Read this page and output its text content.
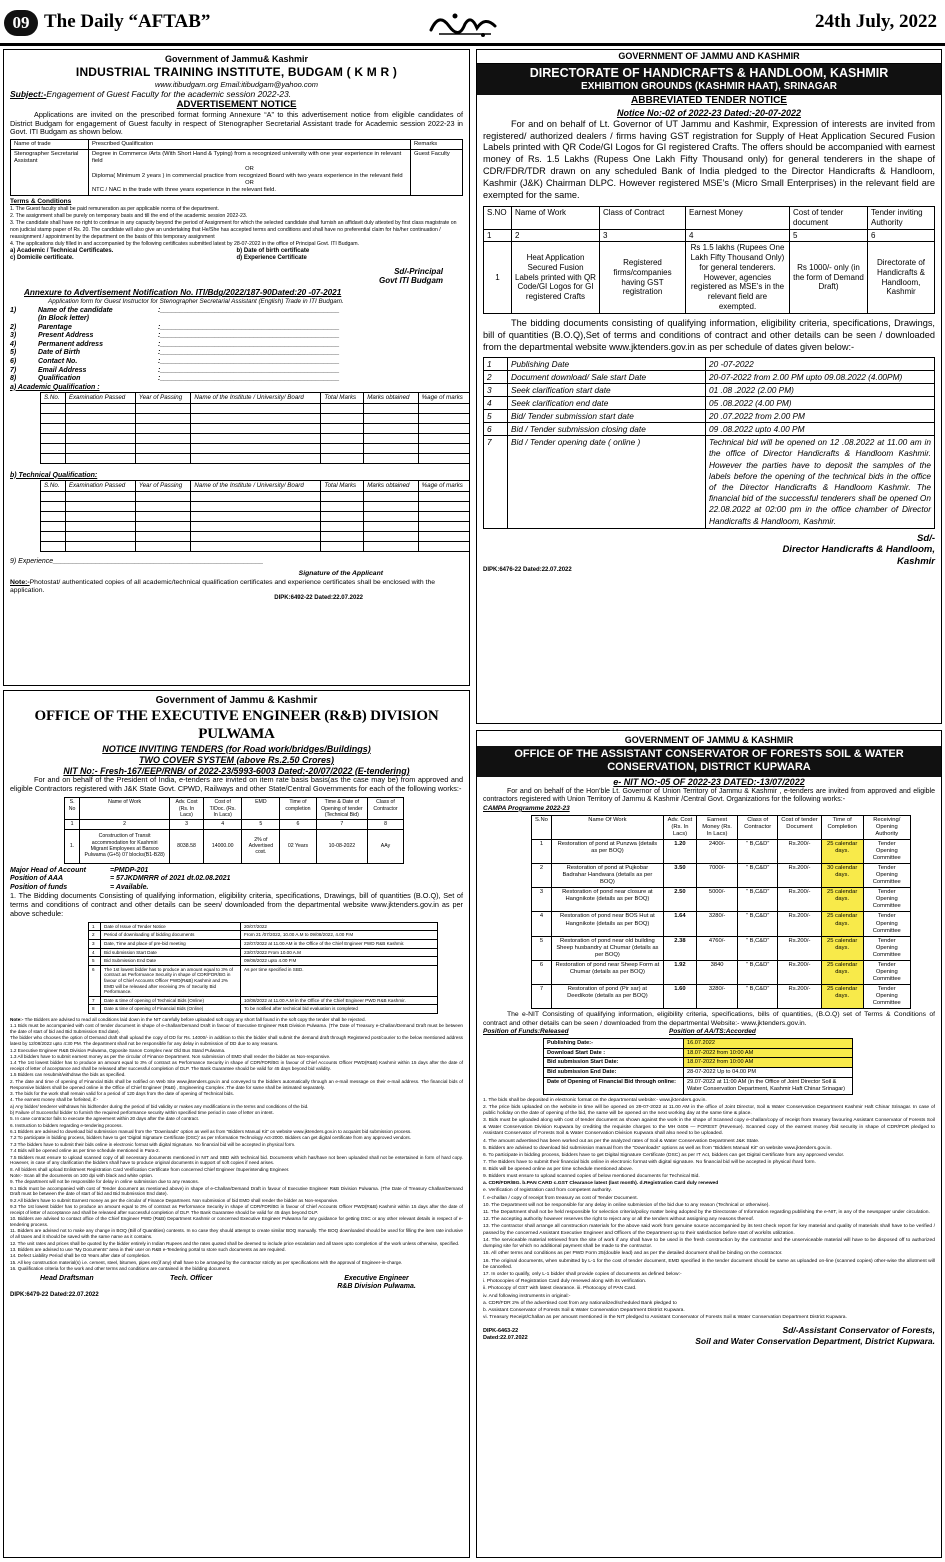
09 The Daily “AFTAB”	24th July, 2022
Government of Jammu& Kashmir
INDUSTRIAL TRAINING INSTITUTE, BUDGAM ( K M R )
www.itibudgam.org Email:itibudgam@yahoo.com
Subject:-Engagement of Guest Faculty for the academic session 2022-23.
ADVERTISEMENT NOTICE
Applications are invited on the prescribed format forming Annexure “A” to this advertisement notice from eligible candidates of District Budgam for engagement of Guest faculty in respect of Stenographer Secretarial Assistant trade for Academic session 2022-23 in Govt. ITI Budgam as shown below.
Name of trade	Prescribed Qualification	Remarks
Stenographer Secretarial Assistant	Degree in Commerce /Arts (With Short Hand & Typing) from a recognized university with one year experience in relevant field
OR
Diploma( Minimum 2 years ) in commercial practice from recognized Board with two years experience in the relevant field
OR
NTC / NAC in the trade with three years experience in the relevant field.	Guest Faculty
Terms & Conditions

1. The Guest faculty shall be paid remuneration as per applicable norms of the department.

2. The assignment shall be purely on temporary basis and till the end of the academic session 2022-23.

3. The candidate shall have no right to continue in any capacity beyond the period of Assignment for which the selected candidate shall furnish an affidavit duly attested by first class magistrate on non judicial stamp paper of Rs. 20. The candidate will also give an undertaking that He/She has accepted terms and conditions and shall have no preferential claim for his/her continuation / reassignment / appointment by the department on the basis of this temporary assignment

4. The applications duly filled in and accompanied by the following certificates submitted latest by 28-07-2022 in the office of Principal Govt. ITI Budgam.

a) Academic / Technical Certificates.	b) Date of birth certificate
c) Domicile certificate.	d) Experience Certificate
Sd/-Principal
Govt ITI Budgam
Annexure to Advertisement Notification No. ITI/Bdg/2022/187-90Dated:20 -07-2021
Application form for Guest Instructor for Stenographer Secretarial Assistant (English) Trade in ITI Budgam.
1)	Name of the candidate	:______________________________________________
(In Block letter)
2)	Parentage	:______________________________________________
3)	Present Address	:______________________________________________
4)	Permanent address	:______________________________________________
5)	Date of Birth	:______________________________________________
6)	Contact No.	:______________________________________________
7)	Email Address	:______________________________________________
8)	Qualification	:______________________________________________
a) Academic Qualification :
S.No.	Examination Passed	Year of Passing	Name of the Institute / University/ Board	Total Marks	Marks obtained	%age of marks

b) Technical Qualification:
S.No.	Examination Passed	Year of Passing	Name of the Institute / University/ Board	Total Marks	Marks obtained	%age of marks

9) Experience______________________________________________________
Signature of the Applicant
Note:-Photostat/ authenticated copies of all academic/technical qualification certificates and experience certificates shall be enclosed with the application.
DIPK:6492-22 Dated:22.07.2022
GOVERNMENT OF JAMMU AND KASHMIR
DIRECTORATE OF HANDICRAFTS & HANDLOOM, KASHMIR
EXHIBITION GROUNDS (KASHMIR HAAT), SRINAGAR
ABBREVIATED TENDER NOTICE
Notice No:-02 of 2022-23 Dated:-20-07-2022
For and on behalf of Lt. Governor of UT Jammu and Kashmir, Expression of interests are invited from registered/ authorized dealers / firms having GST registration for Supply of Heat Application Secured Fusion Labels printed with QR Code/GI Logos for GI registered Crafts. The offers should be accompanied with earnest money of Rs. 1.5 Lakhs (Rupess One Lakh Fifty Thousand only) for general tenderers in the shape of CDR/FDR/TDR drawn on any scheduled Bank of India pledged to the Director Handicrafts & Handloom, Kashmir (J&K) Chairman DLPC. However registered MSE’s (Micro Small Enterprises) in the relevant field are exempted for the same.
S.NO	Name of Work	Class of Contract	Earnest Money	Cost of tender document	Tender inviting Authority
1	2	3	4	5	6
1	Heat Application Secured Fusion Labels printed with QR Code/GI Logos for GI registered Crafts	Registered firms/companies having GST registration	Rs 1.5 lakhs (Rupees One Lakh Fifty Thousand Only) for general tenderers. However, agencies registered as MSE’s in the relevant field are exempted.	Rs 1000/- only (in the form of Demand Draft)	Directorate of Handicrafts & Handloom, Kashmir
The bidding documents consisting of qualifying information, eligibility criteria, specifications, Drawings, bill of quantities (B.O.Q),Set of terms and conditions of contract and other details can be seen / downloaded from the departmental website www.jktenders.gov.in as per schedule of dates given below:-
1	Publishing Date	20 -07-2022
2	Document download/ Sale start Date	20-07-2022 from 2.00 PM upto 09.08.2022 (4.00PM)
3	Seek clarification start date	01 .08 .2022 (2.00 PM)
4	Seek clarification end date	05 .08.2022 (4.00 PM)
5	Bid/ Tender submission start date	20 .07.2022 from 2.00 PM
6	Bid / Tender submission closing date	09 .08.2022 upto 4.00 PM
7	Bid / Tender opening date ( online )	Technical bid will be opened on 12 .08.2022 at 11.00 am in the office of Director Handicrafts & Handloom Kashmir. However the parties have to deposit the samples of the labels before the opening of the technical bids in the office of the Director Handicrafts & Handloom Kashmir. The financial bid of the successful tenderers shall be opened On 22.08.2022 at 02:00 pm in the office chamber of Director Handicrafts & Handloom, Kashmir.
Sd/-
Director Handicrafts & Handloom,
Kashmir
DIPK:6476-22 Dated:22.07.2022
Government of Jammu & Kashmir
OFFICE OF THE EXECUTIVE ENGINEER (R&B) DIVISION PULWAMA
NOTICE INVITING TENDERS (for Road work/bridges/Buildings)
TWO COVER SYSTEM (above Rs.2.50 Crores)
NIT No:- Fresh-167/EEP/RNB/ of 2022-23/5993-6003 Dated:-20/07/2022 (E-tendering)
For and on behalf of the President of India, e-tenders are invited on item rate basis basis(as the case may be) from approved and eligible Contractors registered with J&K State Govt. CPWD, Railways and other State/Central Governments for each of the following works:-
S. No	Name of Work	Adv. Cost (Rs. In Lacs)	Cost of T/Doc. (Rs. In Lacs)	EMD	Time of completion	Time & Date of Opening of tender (Technical Bid)	Class of Contractor
1	2	3	4	5	6	7	8
1.	Construction of Transit accommodation for Kashmiri Migrant Employees at Barsoo Pulwama (G+5) 07 blocks(B1-B28)	8038.58	14000.00	2% of Advertised cost.	02 Years	10-08-2022	AAy
Major Head of Account	=PMDP-201
Position of AAA	= 57JKDMRRR of 2021 dt.02.08.2021
Position of funds	= Available.
1. The Bidding documents Consisting of qualifying information, eligibility criteria, specifications, Drawings, bill of quantities (B.O.Q), Set of terms and conditions of contract and other details can be seen/ downloaded from the departmental website www.jktenders.gov.in as per above schedule:
1	Date of Issue of Tender Notice	20/07/2022
2	Period of downloading of bidding documents	From 21 /07/2022, 10.00 A.M to 09/08/2022, 4.00 P.M
3	Date, Time and place of pre-bid meeting	22/07/2022 at 11.00 AM in the Office of the Chief Engineer PWD R&B Kashmir.
4	Bid submission Start Date	23/07/2022 From 10.00 A.M
5	Bid Submission End Date	09/08/2022 upto 4.00 P.M
6	The 1st lowest bidder has to produce an amount equal to 3% of contract as Performance Security in shape of CDR/FDR/BG in favour of Chief Accounts Officer PWD(R&B) Kashmir and 2% EMD will be released after receiving 3% of Security Bid Performance.	As per time specified in SBD.
7	Date & time of opening of Technical Bids (Online)	10/08/2022 at 11.00 A.M in the Office of the Chief Engineer PWD R&B Kashmir.
8	Date & time of opening of Financial Bids (Online)	To be notified after technical bid evaluation is completed

Note:- The Bidders are advised to read all conditions laid down in the NIT carefully before uploaded soft copy any short fall found in the soft copy the tender shall be rejected.

1.1 Bids must be accompanied with cost of tender document in shape of e-challan/Demand Draft in favour of Executive Engineer R&B Division Pulwama. (The Date of Treasury e-Challan/Demand Draft must be between the date of start of bid and Bid Submission End date).

The bidder who chooses the option of Demand draft shall upload the copy of DD for Rs. 14000/- in addition to this the bidder shall submit the demand draft through Registered post/courier to the below mentioned address latest by 12/08/2022 upto 4:30 PM. The department shall not be responsible for any delay in submission of DD due to any reasons.

1.2 Executive Engineer R&B Division Pulwama, Opposite Sanon Complex near Old Bus Stand Pulwama.

1.3 All bidders have to submit earnest money as per the circular of Finance Department. Non submission of EMD shall render the bidder as Non-responsive.

1.4 The 1st lowest bidder has to produce an amount equal to 3% of contract as Performance Security in shape of CDR/FDR/BG in favour of Chief Accounts Officer PWD(R&B) Kashmir within 15 days after the date of receipt of letter of acceptance and shall be released after successful completion of DLP. The Bank Guarantee should be valid for 45 days beyond bid validity.

1.5 Bidders can resubmit/withdraw the bids as specified.

2. The date and time of opening of Financial Bids shall be notified on Web Site www.jktenders.gov.in and conveyed to the bidders automatically through an e-mail message on their e-mail address. The financial bids of Responsive bidders shall be opened online in the Office of Chief Engineer (R&B) , Engineering Complex .The date for same shall be intimated separately.

3. The bids for the work shall remain valid for a period of 120 days from the date of opening of Technical bids.

4. The earnest money shall be forfeited, if:-

a) Any bidder/ tenderer withdraws his bid/tender during the period of bid validity or makes any modifications in the terms and conditions of the bid.

b) Failure of Successful bidder to furnish the required performance security within specified time period in case of letter on intent.

5. In case contractor fails to execute the agreement within 20 days after the date of contract.

6. Instruction to bidders regarding e-tendering process.

6.1 Bidders are advised to download bid submission manual from the “Downloads” option as well as from “Bidders Manual Kit” on website www.jktenders.gov.in to acquaint bid submission process.

7.2 To participate in bidding process, bidders have to get ‘Digital Signature Certificate (DSC)’ as per Information Technology Act-2000. Bidders can get digital certificate from any approved vendors.

7.3 The bidders have to submit their bids online in electronic format with digital Signature. No financial bid will be accepted in physical form.

7.4 Bids will be opened online as per time schedule mentioned in Para-2.

7.5 Bidders must ensure to upload scanned copy of all necessary documents mentioned in NIT and SBD with technical bid. Documents which has/have not been uploaded shall not be entertained in form of hard copy. However, in case of any clarification the bidders shall have to produce original documents in support of soft copies if need arises.

8. All bidders shall upload Enlistment Registration Card Verification Certificate from concerned Chief Engineer /Superintending Engineer.

Note:- Scan all the documents on 100 dpi with black and white option.

9. The department will not be responsible for delay in online submission due to any reasons.

9.1 Bids must be accompanied with cost of Tender document as mentioned above) in shape of e-Challan/Demand Draft in favour of Executive Engineer R&B Division Pulwama. (The Date of Treasury Challan/Demand Draft must be between the date of start of bid and Bid Submission End date).

9.2 All bidders have to submit Earnest money as per the circular of Finance Department. Non submission of bid EMD shall render the bidder as Non-responsive.

9.3 The 1st lowest bidder has to produce an amount equal to 3% of contract as Performance Security in shape of CDR/FDR/BG in favour of Chief Accounts Officer PWD(R&B) Kashmir within 15 days after the date of receipt of letter of acceptance and shall be released after successful completion of DLP. The Bank Guarantee should be valid for 45 days beyond DLP.

10. Bidders are advised to contact office of the Chief Engineer PWD (R&B) Department Kashmir or concerned Executive Engineer Pulwama for any guidance for getting DSC or any other relevant details in respect of e-tendering process.

11. Bidders are advised not to make any change in BOQ (Bill of Quantities) contents. In no case they should attempt to create similar BOQ manually. The BOQ downloaded should be used for filling the item rate inclusive of all taxes and it should be saved with the same name as it contains.

12. The unit rates and prices shall be quoted by the bidder entirely in Indian Rupees and the rates quoted shall be deemed to include price escalation and all taxes upto completion of the work unless otherwise, specified.

13. Bidders are advised to use “My Documents” area in their user on R&B e-Tendering portal to store such documents as are required.

14. Defect Liability Period shall be 03 Years after date of completion.

15. All key construction material(s) i.e. cement, steel, bitumen, pipes etc(if any) shall have to be arranged by the contractor strictly as per specifications with the approval of Engineer-in-charge.

16. Qualification criteria for the work and other terms and conditions are contained in the bidding document.

Head Draftsman	Tech. Officer	Executive Engineer
R&B Division Pulwama.
DIPK:6479-22 Dated:22.07.2022
GOVERNMENT OF JAMMU & KASHMIR
OFFICE OF THE ASSISTANT CONSERVATOR OF FORESTS SOIL & WATER
CONSERVATION, DISTRICT KUPWARA
e- NIT NO:-05 OF 2022-23 DATED:-13/07/2022
For and on behalf of the Hon’ble Lt. Governor of Union Territory of Jammu & Kashmir , e-tenders are invited from approved and eligible contractors registered with Union Territory of Jammu & Kashmir /Central Govt. Organizations for the following works:-
CAMPA Programme 2022-23
S.No	Name Of Work	Adv. Cost (Rs. In Lacs)	Earnest Money (Rs. In Lacs)	Class of Contractor	Cost of tender Document	Time of Completion	Receiving/ Opening Authority
1	Restoration of pond at Punzwa (details as per BOQ)	1.20	2400/-	“ B,C&D”	Rs.200/-	25 calendar days.	Tender Opening Committee
2	Restoration of pond at Pujkobar Badrahar Handwara (details as per BOQ)	3.50	7000/-	“ B,C&D”	Rs.200/-	30 calendar days.	Tender Opening Committee
3	Restoration of pond near closure at Hangnikote (details as per BOQ)	2.50	5000/-	“ B,C&D”	Rs.200/-	25 calendar days.	Tender Opening Committee
4	Restoration of pond near BOS Hut at Hangnikote (details as per BOQ)	1.64	3280/-	“ B,C&D”	Rs.200/-	25 calendar days.	Tender Opening Committee
5	Restoration of pond near old building Sheep husbandry at Chumar (details as per BOQ)	2.38	4760/-	“ B,C&D”	Rs.200/-	25 calendar days.	Tender Opening Committee
6	Restoration of pond near Sheep Form at Chumar (details as per BOQ)	1.92	3840	“ B,C&D”	Rs.200/-	25 calendar days.	Tender Opening Committee
7	Restoration of pond (Pir sar) at Deedikote (details as per BOQ)	1.60	3280/-	“ B,C&D”	Rs.200/-	25 calendar days.	Tender Opening Committee
The e-NIT Consisting of qualifying information, eligibility criteria, specifications, bills of quantities, (B.O.Q) set of Terms & Conditions of contract and other details can be seen / downloaded from the departmental Website:- www.jktenders.gov.in.
Position of Funds:Released	Position of AA/TS:Accorded
Publishing Date:-	16.07.2022
Download Start Date :	18.07-2022 from 10:00 AM
Bid submission Start Date:	18.07-2022 from 10:00 AM
Bid submission End Date:	28-07-2022 Up to 04.00 PM
Date of Opening of Financial Bid through online:	29.07-2022 at 11:00 AM (in the Office of Joint Director Soil & Water Conservation Department, Kashmir Haft Chinar Srinagar)

1. The bids shall be deposited in electronic format on the departmental website:- www.jktenders.gov.in.

2. The price bids uploaded on the website in time will be opened on 29-07-2022 at 11.00 AM in the office of Joint Director, Soil & Water Conservation Department Kashmir Haft Chinar Srinagar. In case of public holiday on the date of opening of the bid, the same will be opened on the next working day at the same time & place.

3. Bids must be uploaded along with cost of tender document as shown against the work in the shape of Scanned copy e-challan/copy of receipt from treasury favouring Assistant Conservator of Forests Soil & Water Conservation Division Kupwara by crediting the requisite charges to the MH 0406 — FOREST (Revenue). Scanned copy of the earnest money /bid security in shape of CDR/FDR pledged to Assistant Conservator of Forests Soil & Water Conservation Division Kupwara shall also need to be uploaded.

4. The amount advertised has been worked out as per the analyzed rates of Soil & Water Conservation Department J&K State.

5. Bidders are advised to download bid submission manual from the “Downloads” options as well as from “Bidders Manual Kit” on website www.jktenders.gov.in.

6. To participate in bidding process, bidders have to get Digital Signature Certificate (DSC) as per IT Act, bidders can get Digital Certificate from any approved vendor.

7. The Bidders have to submit their financial bids online in electronic format with digital signature. No financial bid will be accepted in physical /hard form.

8. Bids will be opened online as per time schedule mentioned above.

9. Bidders must ensure to upload scanned copies of below mentioned documents for Technical Bid.

a. CDR/FDR/BG. b.PAN CARD c.GST Clearance latest (last month). d.Registration Card duly renewed

e. Verification of registration card from competent authority.

f. e-challan / copy of receipt from treasury as cost of Tender Document.

10. The Department will not be responsible for any delay in online submission of the bid due to any reason (Technical or otherwise).

11. The Department shall not be held responsible for selection criteria/policy matter being adopted by the Directorate of Information regarding publishing the e-NIT, in any of the newspaper under circulation.

12. The accepting authority however reserves the right to reject any or all the tenders without assigning any reasons thereof.

13. The contractor shall arrange all construction materials for the above said work from genuine source accompanied by its test check report for key material and quality of materials shall have to be verified / passed by the concerned Assistant Executive Engineer and Officers of the Department up to their satisfaction before start of work/its utilization.

14. The serviceable material retrieved from the site of work if any shall have to be used in the fresh construction by the contractor and the unserviceable material will have to be disposed off to authorized dumping site for which no additional payment shall be made to the contractor.

15. All other terms and conditions as per PWD Form 25(double lead) and as per the detailed document shall be binding on the contractor.

16. The original documents, when submitted by L-1 for the cost of tender document, EMD specified in the tender document should be same as uploaded on-line (scanned copies) other-wise the allotment will be cancelled.

17. In order to qualify, only L-1 bidder shall provide copies of documents as defined below:-

i. Photocopies of Registration Card duly renewed along with its verification.

ii. Photocopy of GST with latest clearance. iii. Photocopy of PAN Card.

iv. And following instruments in original:-

a. CDR/FDR 2% of the advertised cost from any nationalized/scheduled Bank pledged to

b. Assistant Conservator of Forests Soil & Water Conservation Department District Kupwara.

vi. Treasury Receipt/Challan as per amount mentioned in the NIT pledged to Assistant Conservator of Forests Soil & Water Conservation Department District Kupwara.

Sd/-Assistant Conservator of Forests,
Soil and Water Conservation Department, District Kupwara.
DIPK-6463-22
Dated:22.07.2022
